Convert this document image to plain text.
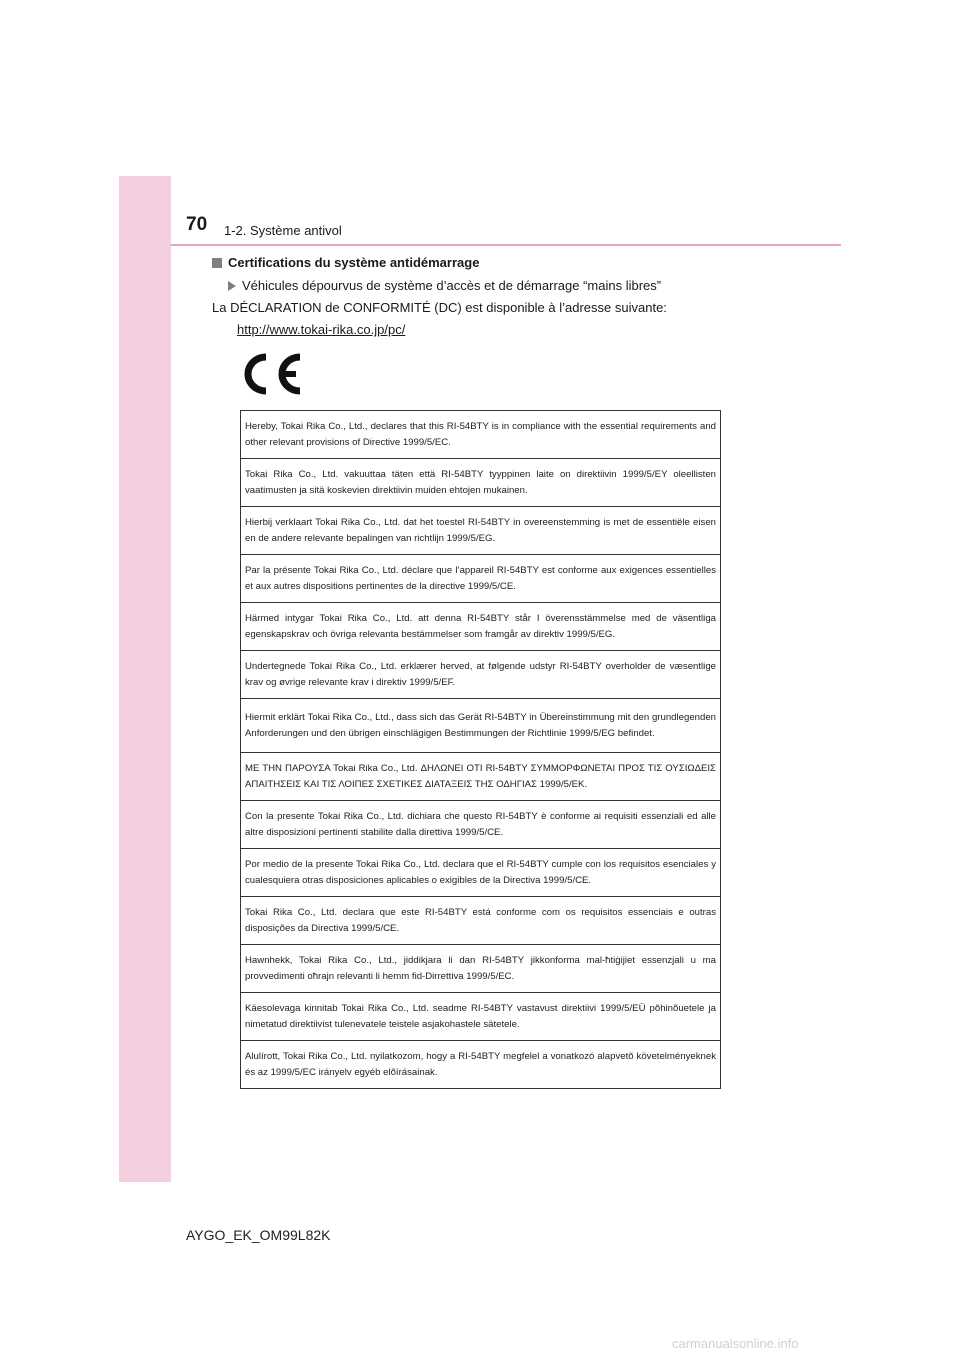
70 1-2. Système antivol
Certifications du système antidémarrage
Véhicules dépourvus de système d’accès et de démarrage “mains libres”
La DÉCLARATION de CONFORMITÉ (DC) est disponible à l’adresse suivante:
http://www.tokai-rika.co.jp/pc/
Hereby, Tokai Rika Co., Ltd., declares that this RI-54BTY is in compliance with the essential requirements and other relevant provisions of Directive 1999/5/EC.
Tokai Rika Co., Ltd. vakuuttaa täten että RI-54BTY tyyppinen laite on direktiivin 1999/5/EY oleellisten vaatimusten ja sitä koskevien direktiivin muiden ehtojen mukainen.
Hierbij verklaart Tokai Rika Co., Ltd. dat het toestel RI-54BTY in overeenstemming is met de essentiële eisen en de andere relevante bepalingen van richtlijn 1999/5/EG.
Par la présente Tokai Rika Co., Ltd. déclare que l’appareil RI-54BTY est conforme aux exigences essentielles et aux autres dispositions pertinentes de la directive 1999/5/CE.
Härmed intygar Tokai Rika Co., Ltd. att denna RI-54BTY står I överensstämmelse med de väsentliga egenskapskrav och övriga relevanta bestämmelser som framgår av direktiv 1999/5/EG.
Undertegnede Tokai Rika Co., Ltd. erklærer herved, at følgende udstyr RI-54BTY overholder de væsentlige krav og øvrige relevante krav i direktiv 1999/5/EF.
Hiermit erklärt Tokai Rika Co., Ltd., dass sich das Gerät RI-54BTY in Übereinstimmung mit den grundlegenden Anforderungen und den übrigen einschlägigen Bestimmungen der Richtlinie 1999/5/EG befindet.
ΜΕ ΤΗΝ ΠΑΡΟΥΣΑ Tokai Rika Co., Ltd. ΔΗΛΩΝΕΙ ΟΤΙ RI-54BTY ΣΥΜΜΟΡΦΩΝΕΤΑΙ ΠΡΟΣ ΤΙΣ ΟΥΣΙΩΔΕΙΣ ΑΠΑΙΤΗΣΕΙΣ ΚΑΙ ΤΙΣ ΛΟΙΠΕΣ ΣΧΕΤΙΚΕΣ ΔΙΑΤΑΞΕΙΣ ΤΗΣ ΟΔΗΓΙΑΣ 1999/5/ΕΚ.
Con la presente Tokai Rika Co., Ltd. dichiara che questo RI-54BTY è conforme ai requisiti essenziali ed alle altre disposizioni pertinenti stabilite dalla direttiva 1999/5/CE.
Por medio de la presente Tokai Rika Co., Ltd. declara que el RI-54BTY cumple con los requisitos esenciales y cualesquiera otras disposiciones aplicables o exigibles de la Directiva 1999/5/CE.
Tokai Rika Co., Ltd. declara que este RI-54BTY está conforme com os requisitos essenciais e outras disposições da Directiva 1999/5/CE.
Hawnhekk, Tokai Rika Co., Ltd., jiddikjara li dan RI-54BTY jikkonforma mal-ħtiġijiet essenzjali u ma provvedimenti oħrajn relevanti li hemm fid-Dirrettiva 1999/5/EC.
Käesolevaga kinnitab Tokai Rika Co., Ltd. seadme RI-54BTY vastavust direktiivi 1999/5/EÜ põhinõuetele ja nimetatud direktiivist tulenevatele teistele asjakohastele sätetele.
Alulírott, Tokai Rika Co., Ltd. nyilatkozom, hogy a RI-54BTY megfelel a vonatkozó alapvetõ követelményeknek és az 1999/5/EC irányelv egyéb elõírásainak.
AYGO_EK_OM99L82K
carmanualsonline.info
